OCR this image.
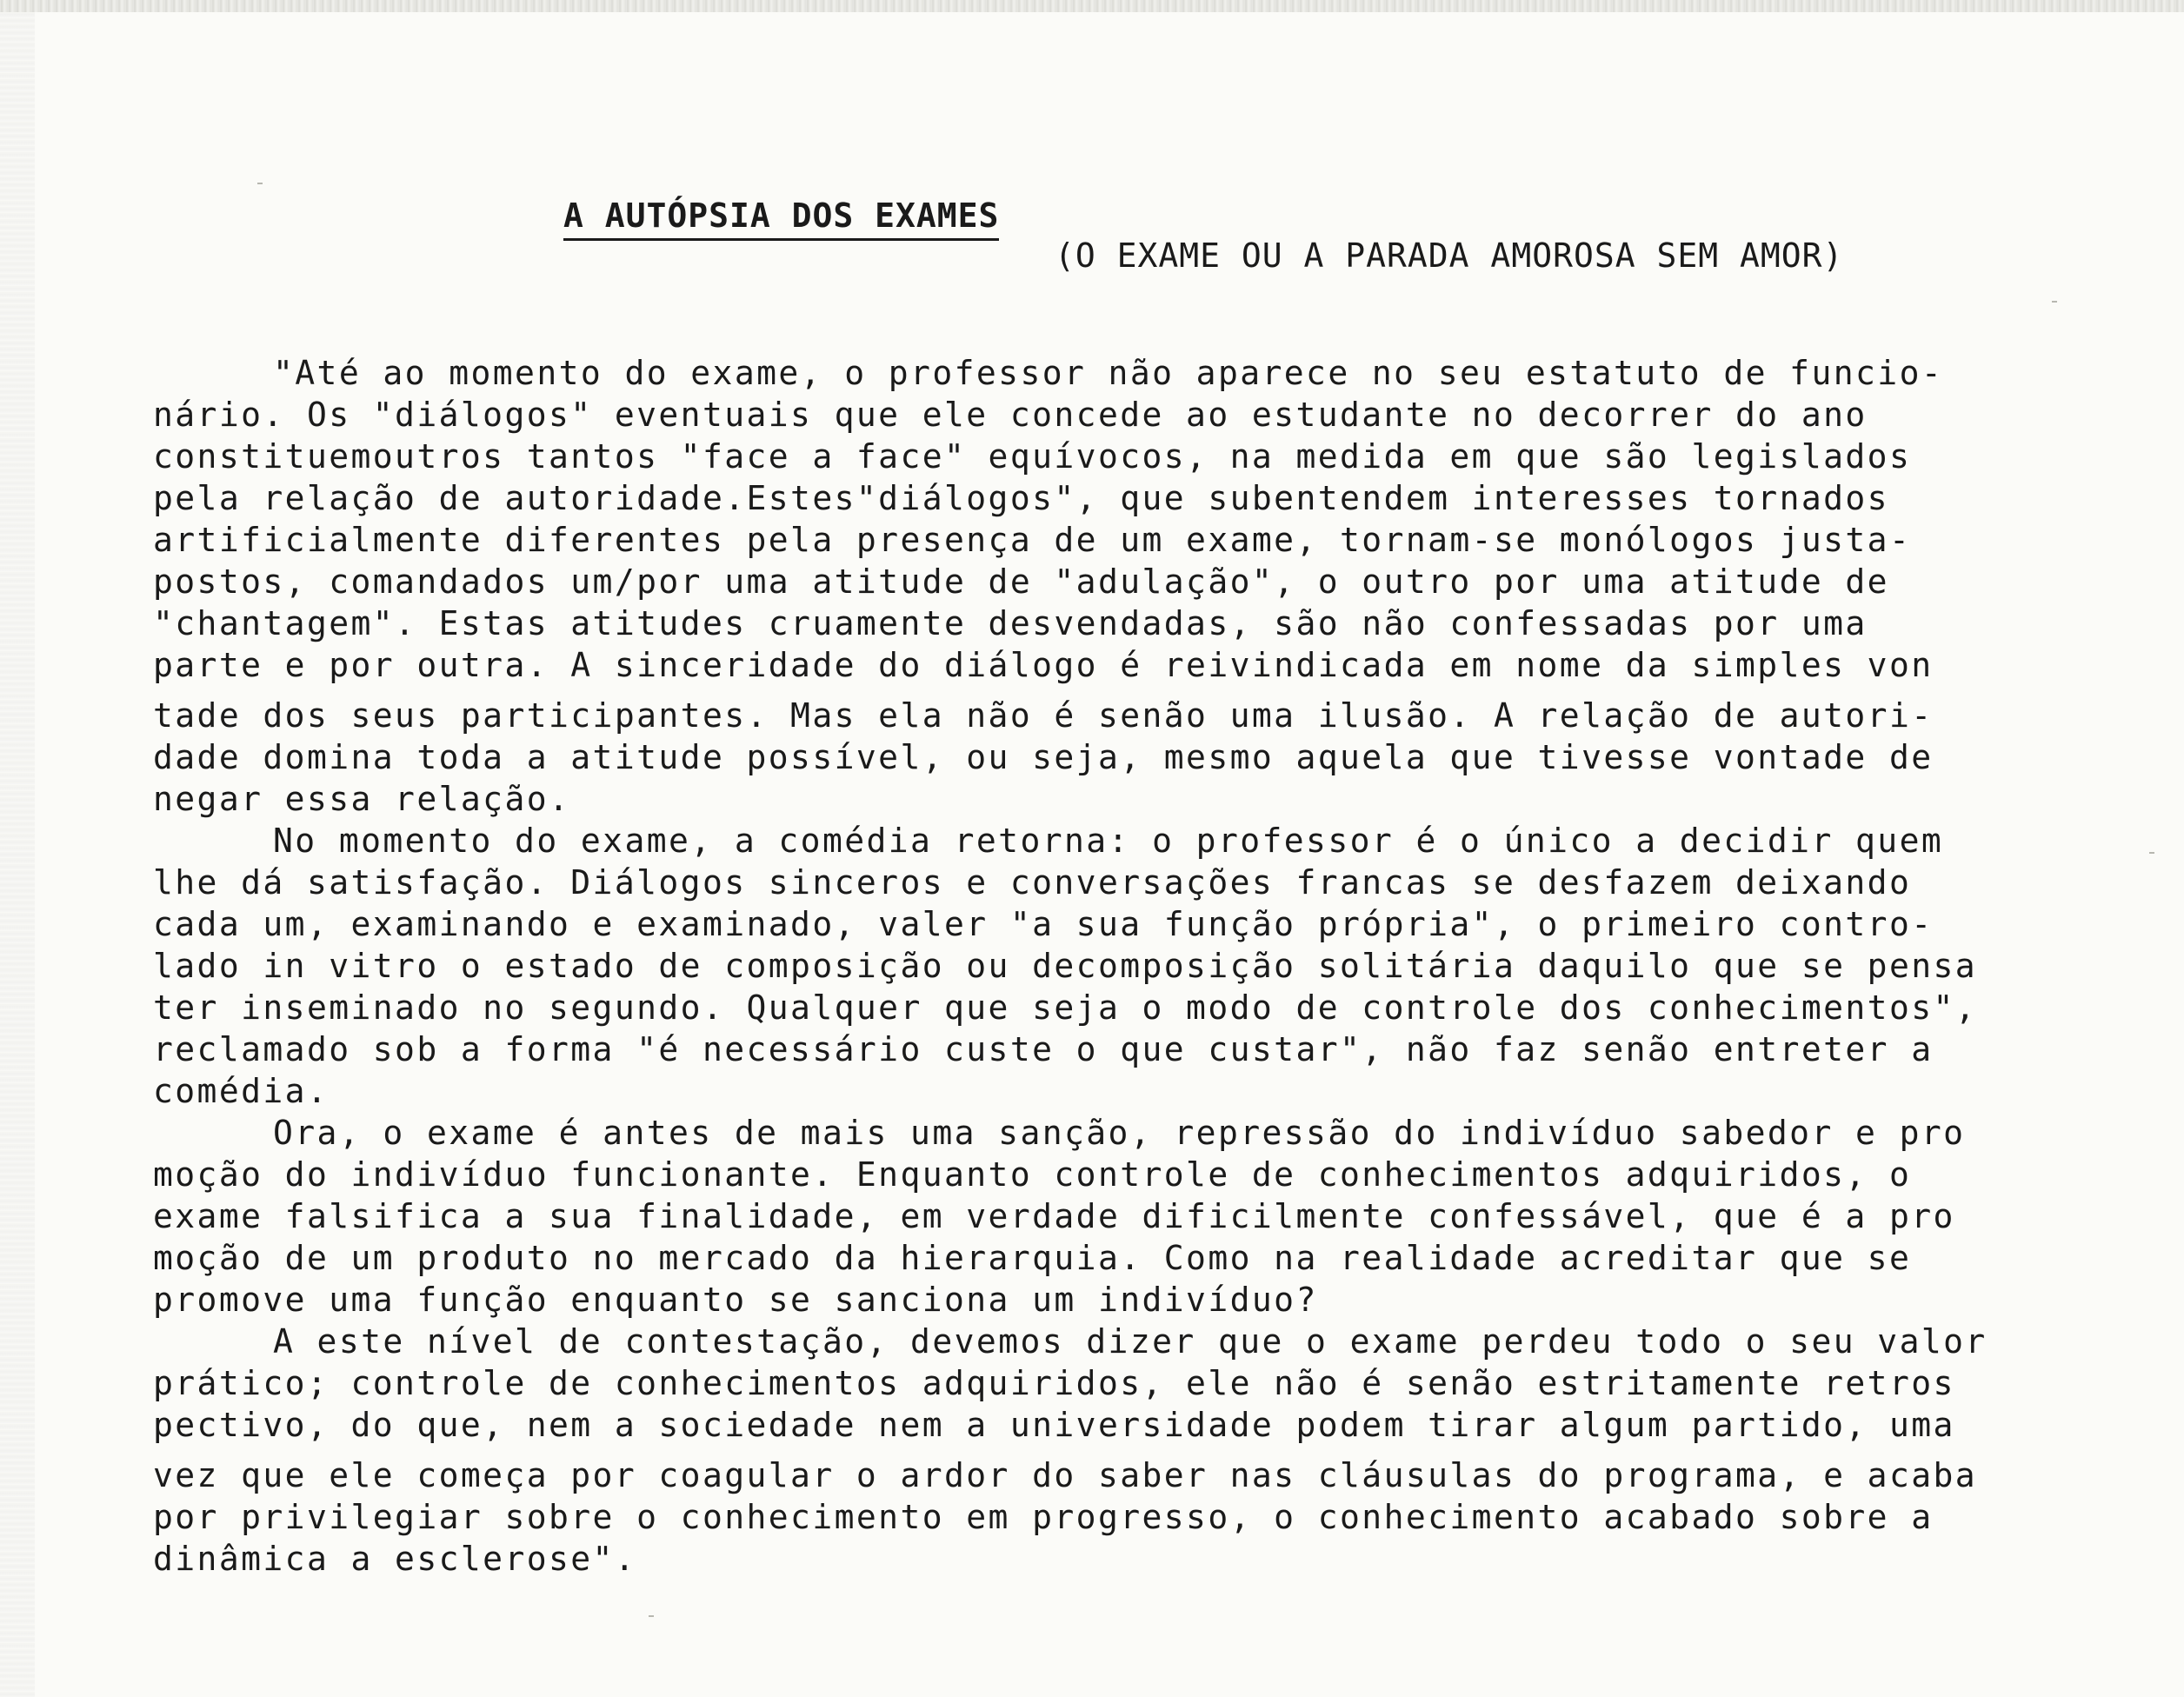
A AUTÓPSIA DOS EXAMES
(O EXAME OU A PARADA AMOROSA SEM AMOR)
"Até ao momento do exame, o professor não aparece no seu estatuto de funcio-
nário. Os "diálogos" eventuais que ele concede ao estudante no decorrer do ano
constituemoutros tantos "face a face" equívocos, na medida em que são legislados
pela relação de autoridade.Estes"diálogos", que subentendem interesses tornados
artificialmente diferentes pela presença de um exame, tornam-se monólogos justa-
postos, comandados um/por uma atitude de "adulação", o outro por uma atitude de
"chantagem". Estas atitudes cruamente desvendadas, são não confessadas por uma
parte e por outra. A sinceridade do diálogo é reivindicada em nome da simples von
tade dos seus participantes. Mas ela não é senão uma ilusão. A relação de autori-
dade domina toda a atitude possível, ou seja, mesmo aquela que tivesse vontade de
negar essa relação.
No momento do exame, a comédia retorna: o professor é o único a decidir quem
lhe dá satisfação. Diálogos sinceros e conversações francas se desfazem deixando
cada um, examinando e examinado, valer "a sua função própria", o primeiro contro-
lado in vitro o estado de composição ou decomposição solitária daquilo que se pensa
ter inseminado no segundo. Qualquer que seja o modo de controle dos conhecimentos",
reclamado sob a forma "é necessário custe o que custar", não faz senão entreter a
comédia.
Ora, o exame é antes de mais uma sanção, repressão do indivíduo sabedor e pro
moção do indivíduo funcionante. Enquanto controle de conhecimentos adquiridos, o
exame falsifica a sua finalidade, em verdade dificilmente confessável, que é a pro
moção de um produto no mercado da hierarquia. Como na realidade acreditar que se
promove uma função enquanto se sanciona um indivíduo?
A este nível de contestação, devemos dizer que o exame perdeu todo o seu valor
prático; controle de conhecimentos adquiridos, ele não é senão estritamente retros
pectivo, do que, nem a sociedade nem a universidade podem tirar algum partido, uma
vez que ele começa por coagular o ardor do saber nas cláusulas do programa, e acaba
por privilegiar sobre o conhecimento em progresso, o conhecimento acabado sobre a
dinâmica a esclerose".
